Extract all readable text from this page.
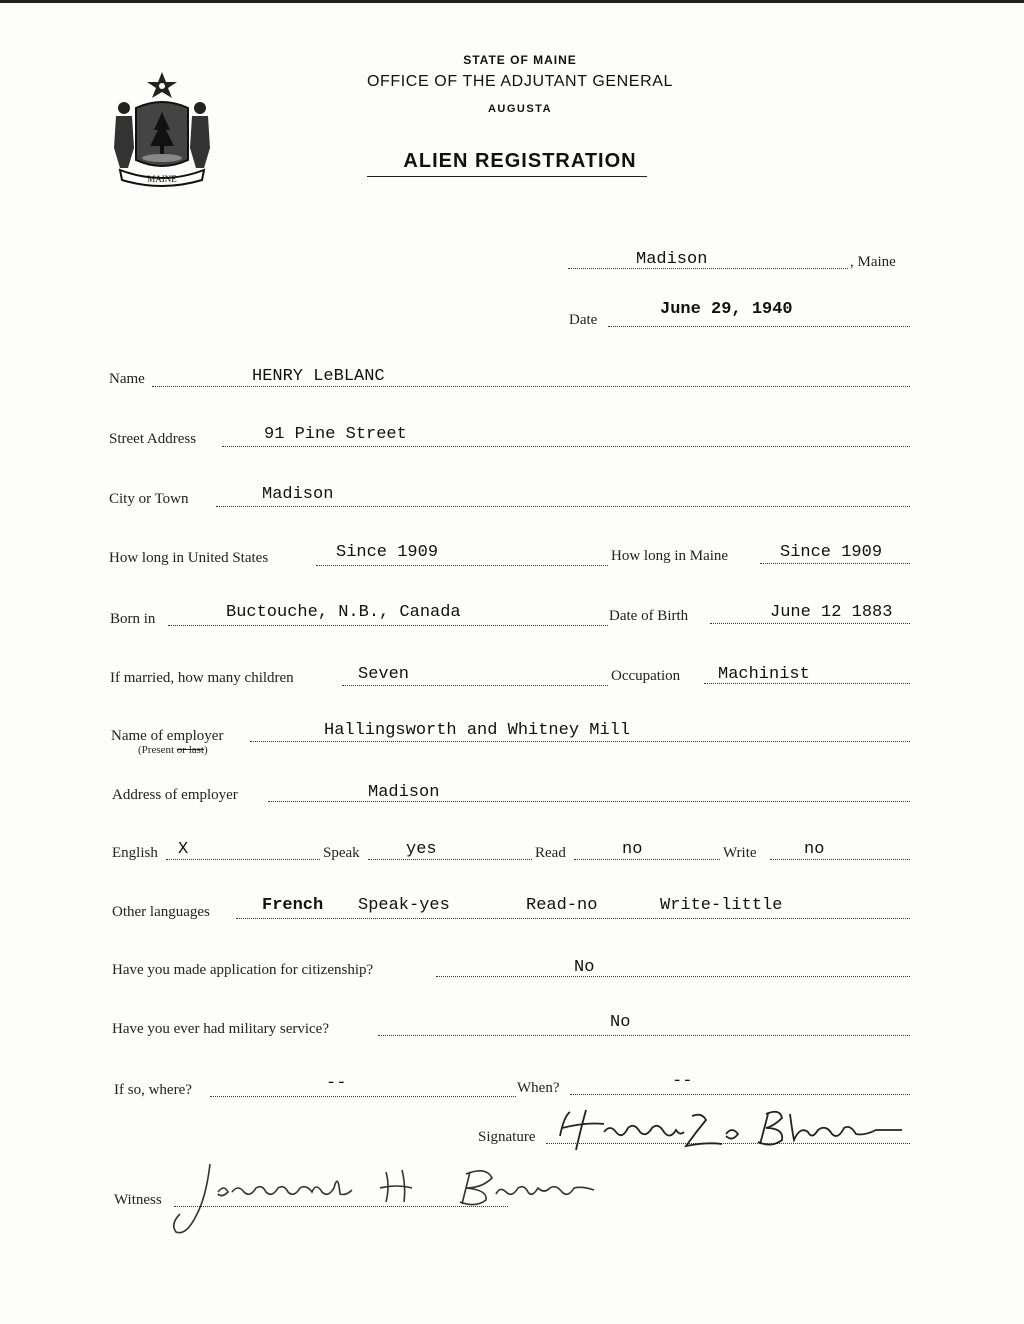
MAINE
STATE OF MAINE
OFFICE OF THE ADJUTANT GENERAL
AUGUSTA
ALIEN REGISTRATION
Madison	, Maine
Date
June 29, 1940
Name	HENRY LeBLANC
Street Address	91 Pine Street
City or Town	Madison
How long in United States	Since 1909	How long in Maine	Since 1909
Born in	Buctouche, N.B., Canada	Date of Birth	June 12 1883
If married, how many children	Seven	Occupation Machinist
Name of employer
(Present or last)
Hallingsworth and Whitney Mill
Address of employer	Madison
English X	Speak	yes	Read	no	Write	no
Other languages	French Speak-yes	Read-no	Write-little
Have you made application for citizenship?	No
Have you ever had military service?	No
If so, where?	--	When?	--
Signature
Witness
